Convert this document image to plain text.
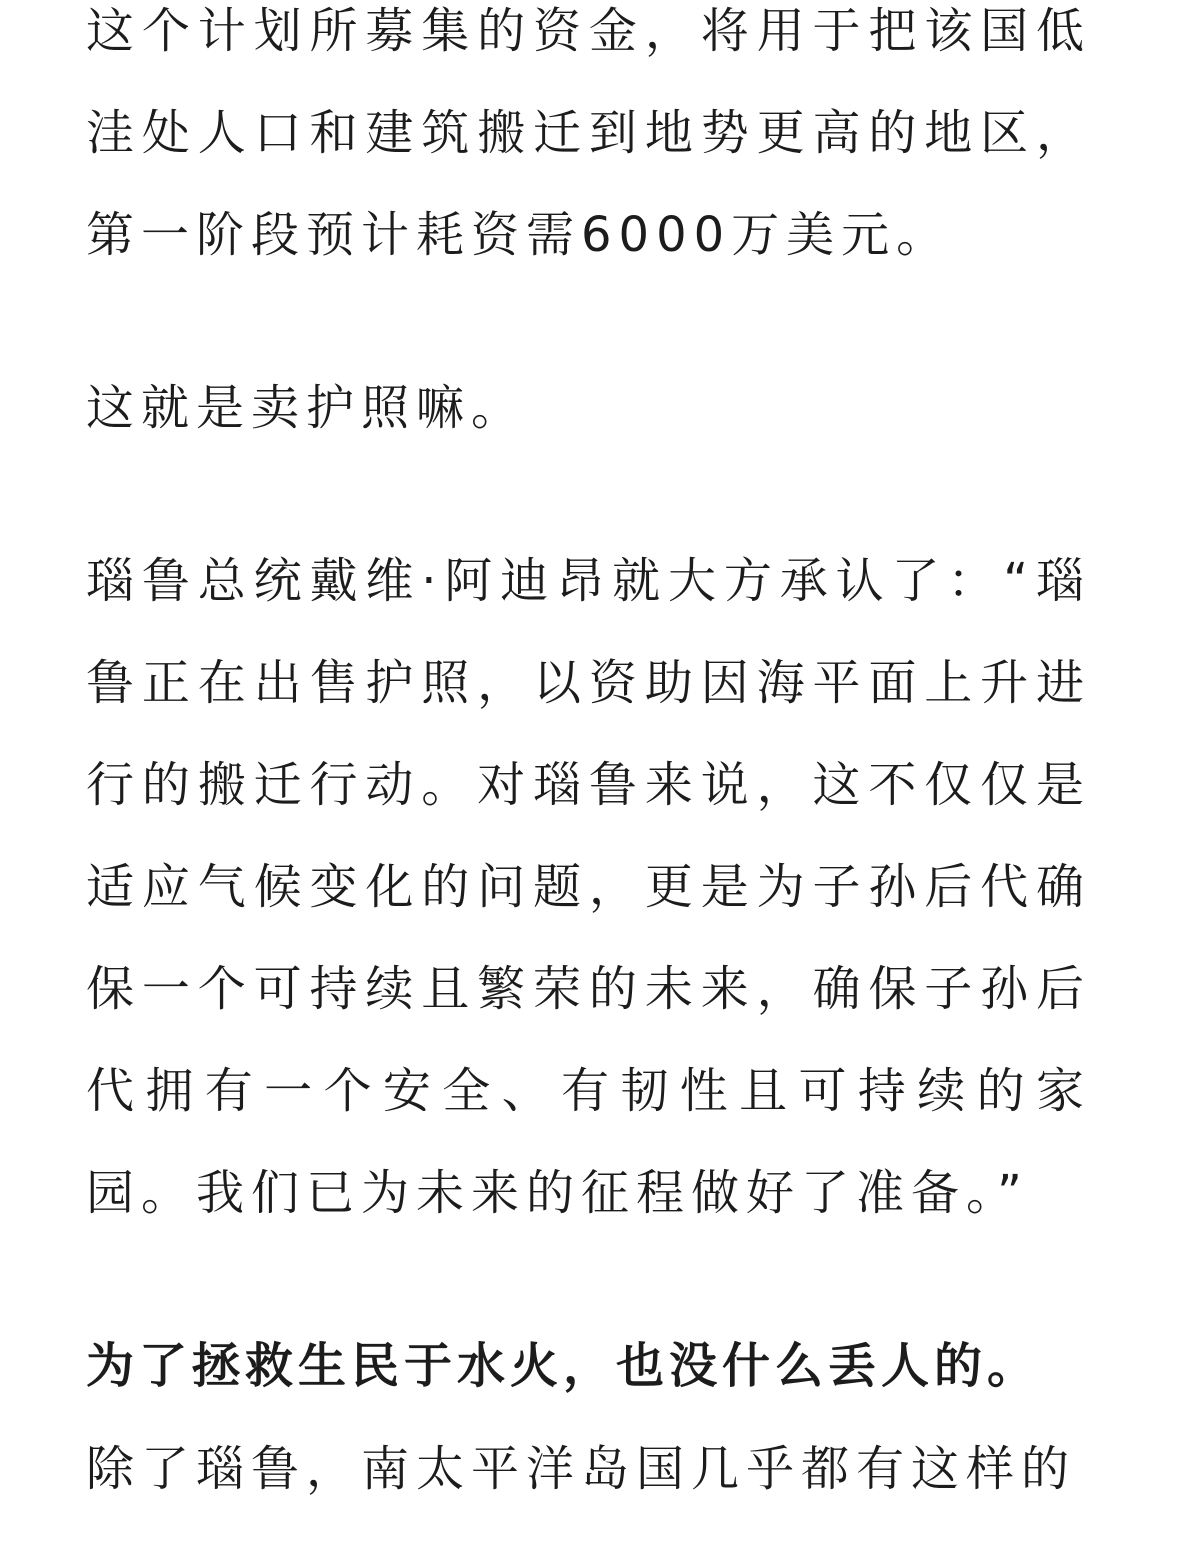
这个计划所募集的资金，将用于把该国低洼处人口和建筑搬迁到地势更高的地区，第一阶段预计耗资需6000万美元。

这就是卖护照嘛。

瑙鲁总统戴维·阿迪昂就大方承认了：“瑙鲁正在出售护照，以资助因海平面上升进行的搬迁行动。对瑙鲁来说，这不仅仅是适应气候变化的问题，更是为子孙后代确保一个可持续且繁荣的未来，确保子孙后代拥有一个安全、有韧性且可持续的家园。我们已为未来的征程做好了准备。”

为了拯救生民于水火，也没什么丢人的。

除了瑙鲁，南太平洋岛国几乎都有这样的
